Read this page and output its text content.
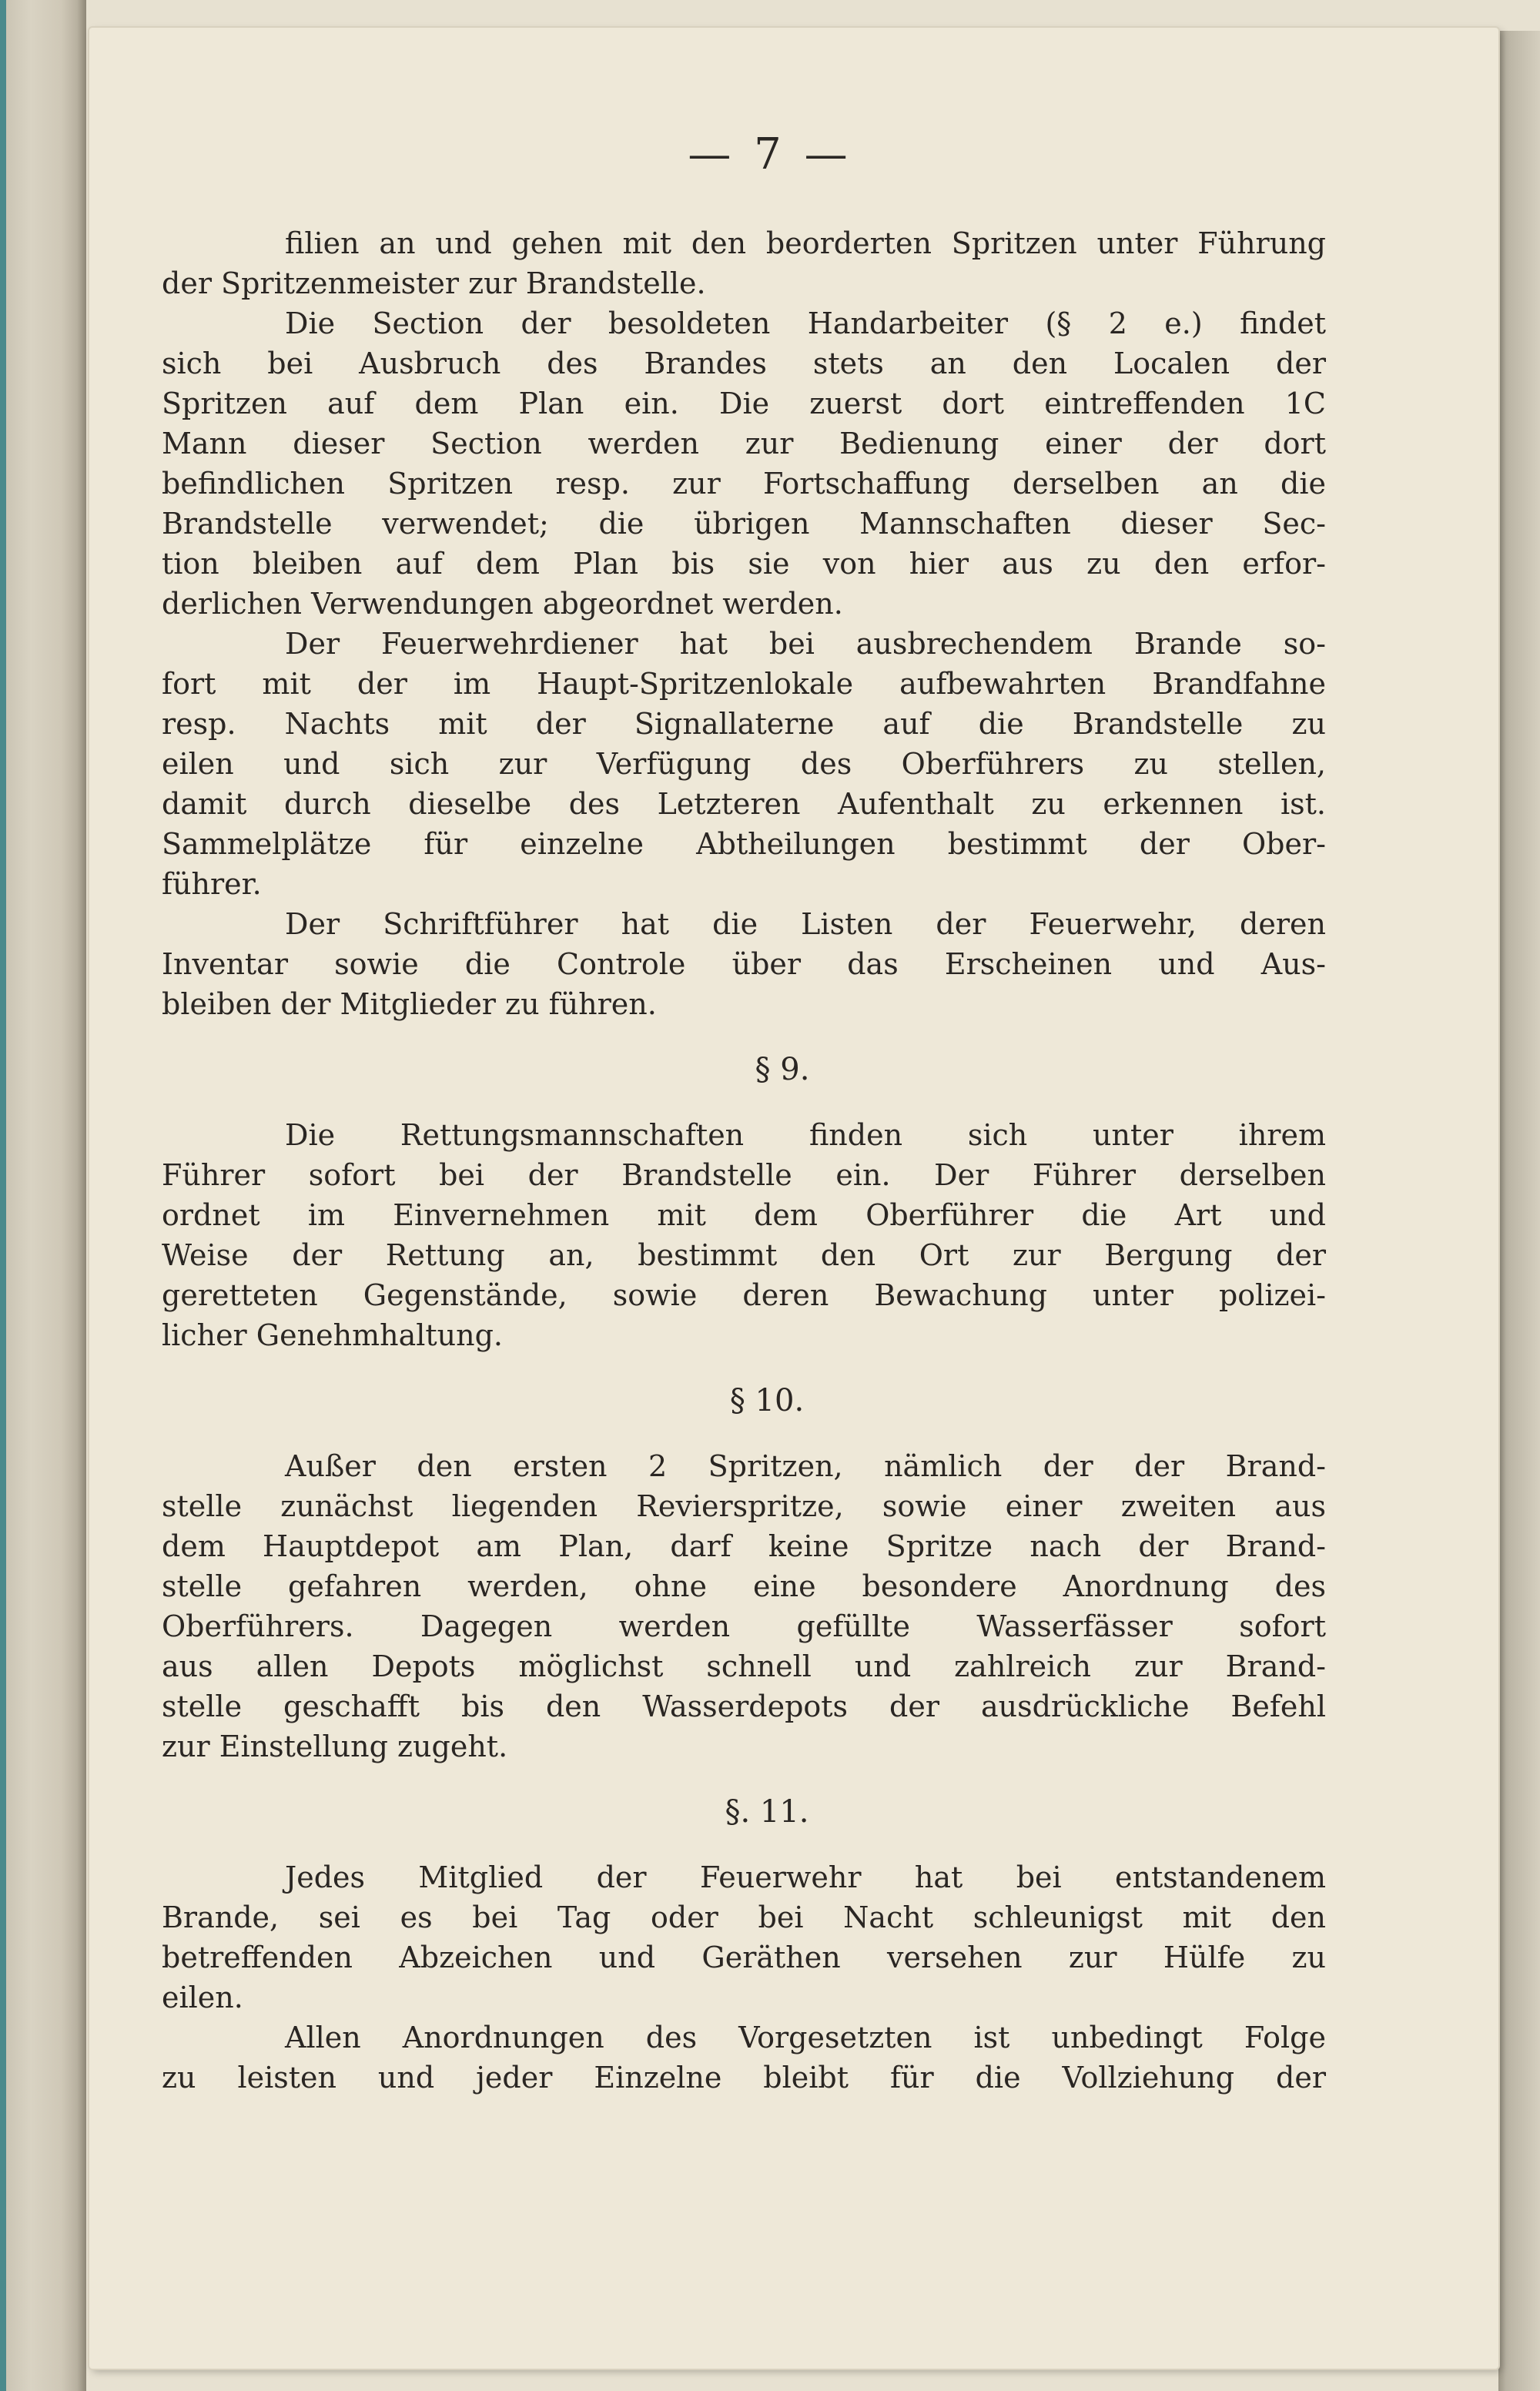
— 7 —
filien an und gehen mit den beorderten Spritzen unter Führung
der Spritzenmeister zur Brandstelle.
Die Section der besoldeten Handarbeiter (§ 2 e.) findet
sich bei Ausbruch des Brandes stets an den Localen der
Spritzen auf dem Plan ein. Die zuerst dort eintreffenden 1C
Mann dieser Section werden zur Bedienung einer der dort
befindlichen Spritzen resp. zur Fortschaffung derselben an die
Brandstelle verwendet; die übrigen Mannschaften dieser Sec-
tion bleiben auf dem Plan bis sie von hier aus zu den erfor-
derlichen Verwendungen abgeordnet werden.
Der Feuerwehrdiener hat bei ausbrechendem Brande so-
fort mit der im Haupt-Spritzenlokale aufbewahrten Brandfahne
resp. Nachts mit der Signallaterne auf die Brandstelle zu
eilen und sich zur Verfügung des Oberführers zu stellen,
damit durch dieselbe des Letzteren Aufenthalt zu erkennen ist.
Sammelplätze für einzelne Abtheilungen bestimmt der Ober-
führer.
Der Schriftführer hat die Listen der Feuerwehr, deren
Inventar sowie die Controle über das Erscheinen und Aus-
bleiben der Mitglieder zu führen.
§ 9.
Die Rettungsmannschaften finden sich unter ihrem
Führer sofort bei der Brandstelle ein. Der Führer derselben
ordnet im Einvernehmen mit dem Oberführer die Art und
Weise der Rettung an, bestimmt den Ort zur Bergung der
geretteten Gegenstände, sowie deren Bewachung unter polizei-
licher Genehmhaltung.
§ 10.
Außer den ersten 2 Spritzen, nämlich der der Brand-
stelle zunächst liegenden Revierspritze, sowie einer zweiten aus
dem Hauptdepot am Plan, darf keine Spritze nach der Brand-
stelle gefahren werden, ohne eine besondere Anordnung des
Oberführers. Dagegen werden gefüllte Wasserfässer sofort
aus allen Depots möglichst schnell und zahlreich zur Brand-
stelle geschafft bis den Wasserdepots der ausdrückliche Befehl
zur Einstellung zugeht.
§. 11.
Jedes Mitglied der Feuerwehr hat bei entstandenem
Brande, sei es bei Tag oder bei Nacht schleunigst mit den
betreffenden Abzeichen und Geräthen versehen zur Hülfe zu
eilen.
Allen Anordnungen des Vorgesetzten ist unbedingt Folge
zu leisten und jeder Einzelne bleibt für die Vollziehung der
